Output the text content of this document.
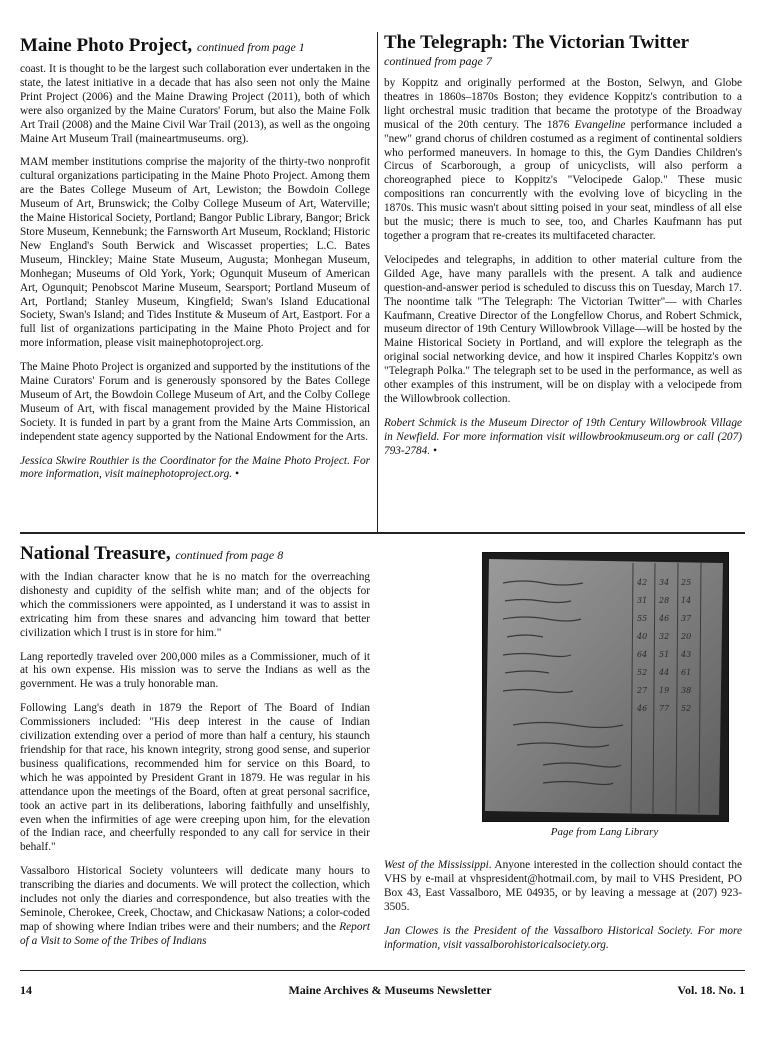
Maine Photo Project, continued from page 1

coast. It is thought to be the largest such collaboration ever undertaken in the state, the latest initiative in a decade that has also seen not only the Maine Print Project (2006) and the Maine Drawing Project (2011), both of which were also organized by the Maine Curators' Forum, but also the Maine Folk Art Trail (2008) and the Maine Civil War Trail (2013), as well as the ongoing Maine Art Museum Trail (maineartmuseums. org).

MAM member institutions comprise the majority of the thirty-two nonprofit cultural organizations participating in the Maine Photo Project. Among them are the Bates College Museum of Art, Lewiston; the Bowdoin College Museum of Art, Brunswick; the Colby College Museum of Art, Waterville; the Maine Historical Society, Portland; Bangor Public Library, Bangor; Brick Store Museum, Kennebunk; the Farnsworth Art Museum, Rockland; Historic New England's South Berwick and Wiscasset properties; L.C. Bates Museum, Hinckley; Maine State Museum, Augusta; Monhegan Museum, Monhegan; Museums of Old York, York; Ogunquit Museum of American Art, Ogunquit; Penobscot Marine Museum, Searsport; Portland Museum of Art, Portland; Stanley Museum, Kingfield; Swan's Island Educational Society, Swan's Island; and Tides Institute & Museum of Art, Eastport. For a full list of organizations participating in the Maine Photo Project and for more information, please visit mainephotoproject.org.

The Maine Photo Project is organized and supported by the institutions of the Maine Curators' Forum and is generously sponsored by the Bates College Museum of Art, the Bowdoin College Museum of Art, and the Colby College Museum of Art, with fiscal management provided by the Maine Historical Society. It is funded in part by a grant from the Maine Arts Commission, an independent state agency supported by the National Endowment for the Arts.

Jessica Skwire Routhier is the Coordinator for the Maine Photo Project. For more information, visit mainephotoproject.org. •

The Telegraph: The Victorian Twitter
continued from page 7

by Koppitz and originally performed at the Boston, Selwyn, and Globe theatres in 1860s–1870s Boston; they evidence Koppitz's contribution to a light orchestral music tradition that became the prototype of the Broadway musical of the 20th century. The 1876 Evangeline performance included a "new" grand chorus of children costumed as a regiment of continental soldiers who performed maneuvers. In homage to this, the Gym Dandies Children's Circus of Scarborough, a group of unicyclists, will also perform a choreographed piece to Koppitz's "Velocipede Galop." These music compositions ran concurrently with the evolving love of bicycling in the 1870s. This music wasn't about sitting poised in your seat, mindless of all else but the music; there is much to see, too, and Charles Kaufmann has put together a program that re-creates its multifaceted character.

Velocipedes and telegraphs, in addition to other material culture from the Gilded Age, have many parallels with the present. A talk and audience question-and-answer period is scheduled to discuss this on Tuesday, March 17. The noontime talk "The Telegraph: The Victorian Twitter"— with Charles Kaufmann, Creative Director of the Longfellow Chorus, and Robert Schmick, museum director of 19th Century Willowbrook Village—will be hosted by the Maine Historical Society in Portland, and will explore the telegraph as the original social networking device, and how it inspired Charles Koppitz's own "Telegraph Polka." The telegraph set to be used in the performance, as well as other examples of this instrument, will be on display with a velocipede from the Willowbrook collection.

Robert Schmick is the Museum Director of 19th Century Willowbrook Village in Newfield. For more information visit willowbrookmuseum.org or call (207) 793-2784. •

National Treasure, continued from page 8

with the Indian character know that he is no match for the overreaching dishonesty and cupidity of the selfish white man; and of the objects for which the commissioners were appointed, as I understand it was to assist in extricating him from these snares and advancing him toward that better civilization which I trust is in store for him."

Lang reportedly traveled over 200,000 miles as a Commissioner, much of it at his own expense. His mission was to serve the Indians as well as the government. He was a truly honorable man.

Following Lang's death in 1879 the Report of The Board of Indian Commissioners included: "His deep interest in the cause of Indian civilization extending over a period of more than half a century, his staunch friendship for that race, his known integrity, strong good sense, and superior business qualifications, recommended him for service on this Board, to which he was appointed by President Grant in 1879. He was regular in his attendance upon the meetings of the Board, often at great personal sacrifice, took an active part in its deliberations, laboring faithfully and unselfishly, even when the infirmities of age were creeping upon him, for the elevation of the Indian race, and cheerfully responded to any call for service in their behalf."

Vassalboro Historical Society volunteers will dedicate many hours to transcribing the diaries and documents. We will protect the collection, which includes not only the diaries and correspondence, but also treaties with the Seminole, Cherokee, Creek, Choctaw, and Chickasaw Nations; a color-coded map of showing where Indian tribes were and their numbers; and the Report of a Visit to Some of the Tribes of Indians

42 34 25
31 28 14
55 46 37
40 32 20
64 51 43
52 44 61
27 19 38
46 77 52
Page from Lang Library

West of the Mississippi. Anyone interested in the collection should contact the VHS by e-mail at vhspresident@hotmail.com, by mail to VHS President, PO Box 43, East Vassalboro, ME 04935, or by leaving a message at (207) 923-3505.

Jan Clowes is the President of the Vassalboro Historical Society. For more information, visit vassalborohistoricalsociety.org.

14	Maine Archives & Museums Newsletter	Vol. 18. No. 1
